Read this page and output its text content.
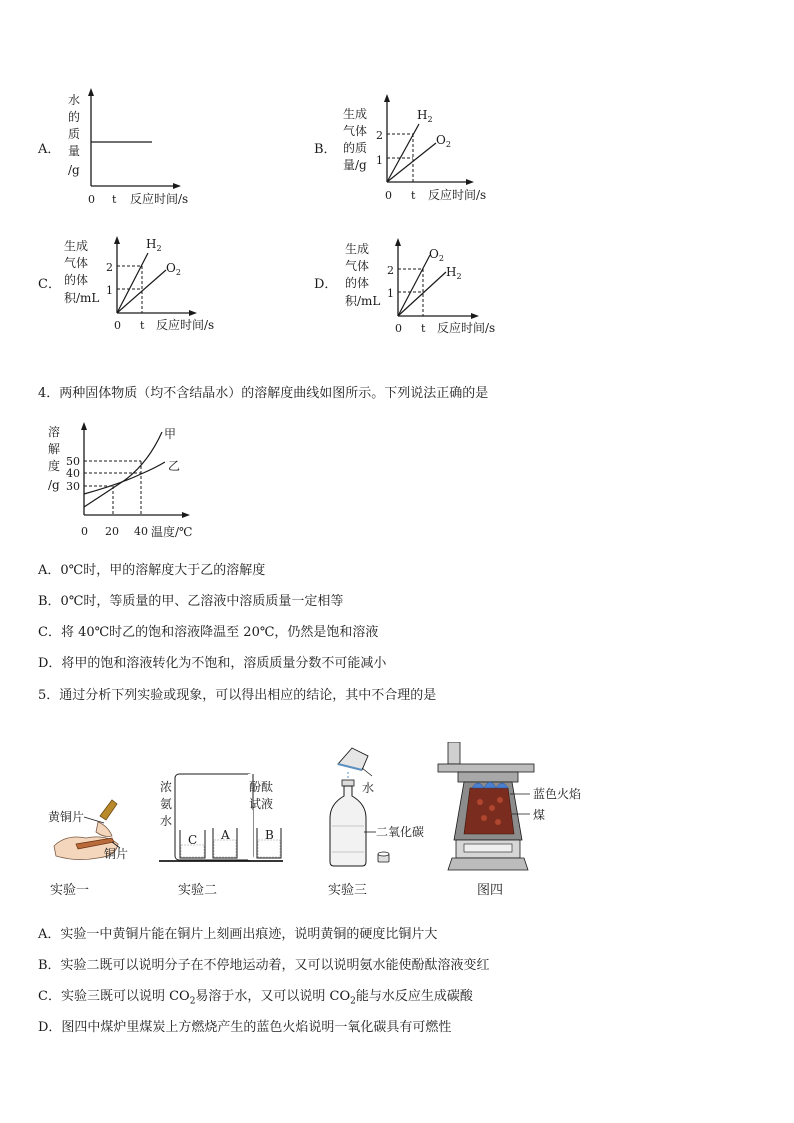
A．
水
的
质
量
/g
0 t 反应时间/s
B．
生成
气体
的质
量/g
2
1
$H_2$
$O_2$
0 t 反应时间/s
C．
生成
气体
的体
积/mL
2
1
$H_2$
$O_2$
0 t 反应时间/s
D．
生成
气体
的体
积/mL
2
1
$O_2$
$H_2$
0 t 反应时间/s
4．两种固体物质（均不含结晶水）的溶解度曲线如图所示。下列说法正确的是
溶
解
度
/g
50
40
30
甲
乙
0 20 40 温度/℃
A．0℃时，甲的溶解度大于乙的溶解度
B．0℃时，等质量的甲、乙溶液中溶质质量一定相等
C．将 40℃时乙的饱和溶液降温至 20℃，仍然是饱和溶液
D．将甲的饱和溶液转化为不饱和，溶质质量分数不可能减小
5．通过分析下列实验或现象，可以得出相应的结论，其中不合理的是
黄铜片
铜片
实验一
C A	B
浓
氨
水
酚酞
试液
实验二
水
二氧化碳
实验三
蓝色火焰
煤
图四
A．实验一中黄铜片能在铜片上刻画出痕迹，说明黄铜的硬度比铜片大
B．实验二既可以说明分子在不停地运动着，又可以说明氨水能使酚酞溶液变红
C．实验三既可以说明 $CO_2$易溶于水，又可以说明 $CO_2$能与水反应生成碳酸
D．图四中煤炉里煤炭上方燃烧产生的蓝色火焰说明一氧化碳具有可燃性
